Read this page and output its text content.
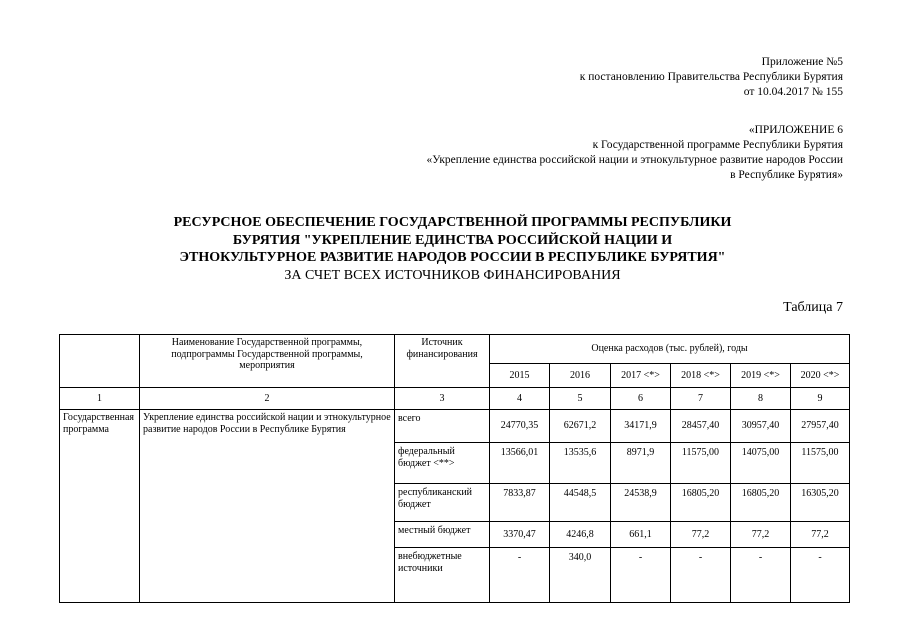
Приложение №5
к постановлению Правительства Республики Бурятия
от 10.04.2017 № 155
«ПРИЛОЖЕНИЕ 6
к Государственной программе Республики Бурятия
«Укрепление единства российской нации и этнокультурное развитие народов России
в Республике Бурятия»
РЕСУРСНОЕ ОБЕСПЕЧЕНИЕ ГОСУДАРСТВЕННОЙ ПРОГРАММЫ РЕСПУБЛИКИ
БУРЯТИЯ "УКРЕПЛЕНИЕ ЕДИНСТВА РОССИЙСКОЙ НАЦИИ И
ЭТНОКУЛЬТУРНОЕ РАЗВИТИЕ НАРОДОВ РОССИИ В РЕСПУБЛИКЕ БУРЯТИЯ"
ЗА СЧЕТ ВСЕХ ИСТОЧНИКОВ ФИНАНСИРОВАНИЯ
Таблица 7
	Наименование Государственной программы, подпрограммы Государственной программы, мероприятия	Источник финансирования	Оценка расходов (тыс. рублей), годы					
			2015	2016	2017 <*>	2018 <*>	2019 <*>	2020 <*>
1	2	3	4	5	6	7	8	9
Государственная программа	Укрепление единства российской нации и этнокультурное развитие народов России в Республике Бурятия	всего	24770,35	62671,2	34171,9	28457,40	30957,40	27957,40
		федеральный бюджет <**>	13566,01	13535,6	8971,9	11575,00	14075,00	11575,00
		республиканский бюджет	7833,87	44548,5	24538,9	16805,20	16805,20	16305,20
		местный бюджет	3370,47	4246,8	661,1	77,2	77,2	77,2
		внебюджетные источники	-	340,0	-	-	-	-
